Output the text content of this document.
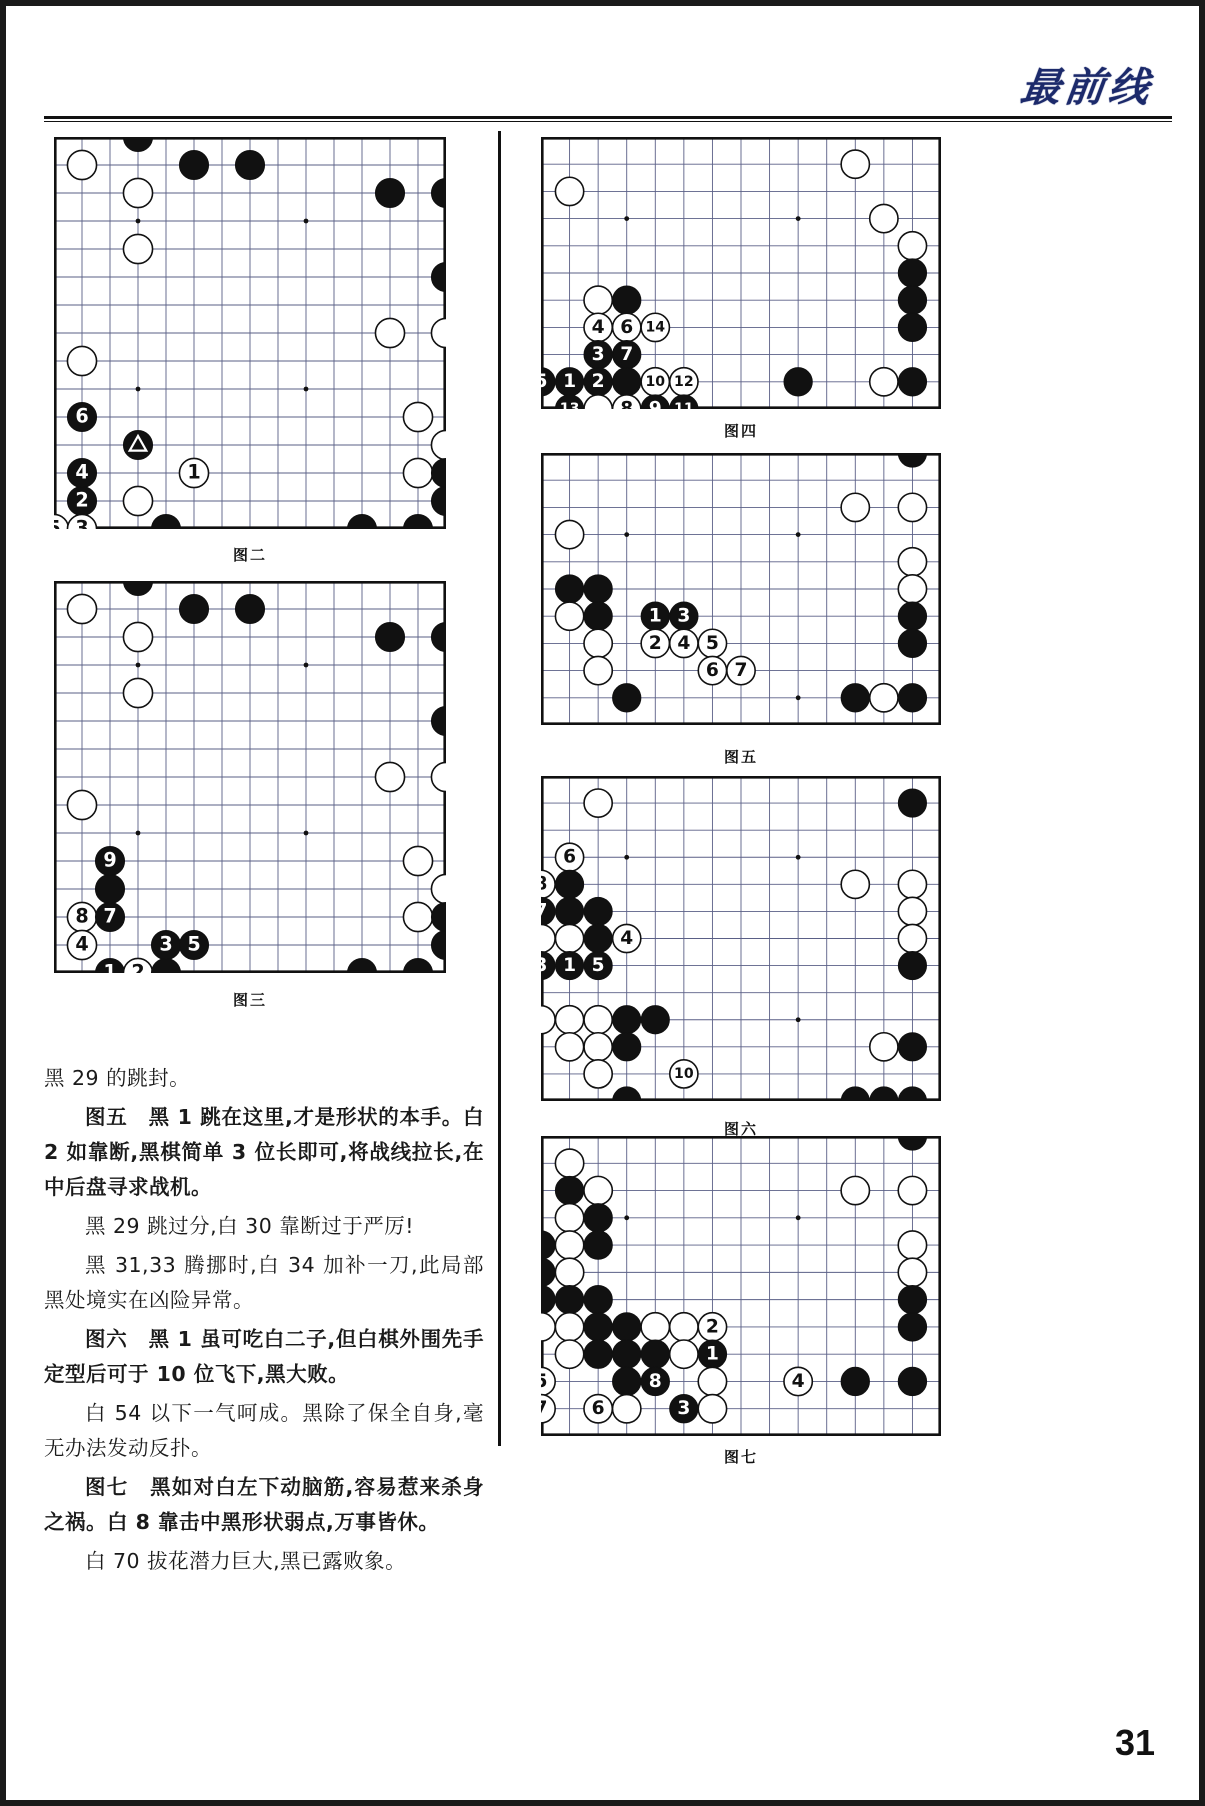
最前线

黑 29 的跳封。

图五　黑 1 跳在这里,才是形状的本手。白 2 如靠断,黑棋简单 3 位长即可,将战线拉长,在中后盘寻求战机。

黑 29 跳过分,白 30 靠断过于严厉!

黑 31,33 腾挪时,白 34 加补一刀,此局部黑处境实在凶险异常。

图六　黑 1 虽可吃白二子,但白棋外围先手定型后可于 10 位飞下,黑大败。

白 54 以下一气呵成。黑除了保全自身,毫无办法发动反扑。

图七　黑如对白左下动脑筋,容易惹来杀身之祸。白 8 靠击中黑形状弱点,万事皆休。

白 70 拔花潜力巨大,黑已露败象。

31
图二
图三
图四
图五
图六
图七
